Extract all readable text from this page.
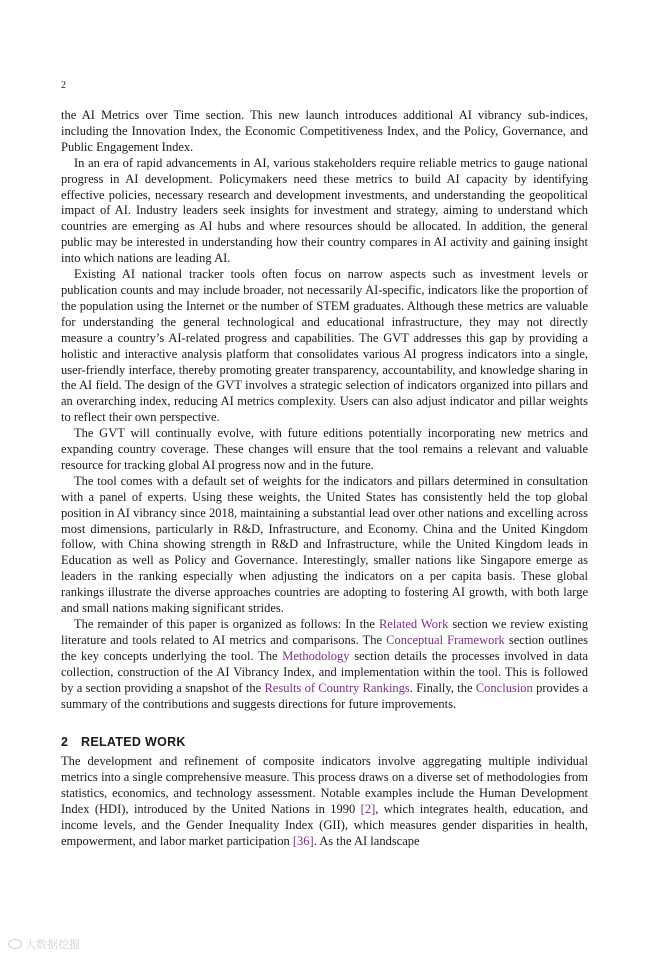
2

the AI Metrics over Time section. This new launch introduces additional AI vibrancy sub-indices, including the Innovation Index, the Economic Competitiveness Index, and the Policy, Governance, and Public Engagement Index.

In an era of rapid advancements in AI, various stakeholders require reliable metrics to gauge national progress in AI development. Policymakers need these metrics to build AI capacity by identifying effective policies, necessary research and development investments, and understanding the geopolitical impact of AI. Industry leaders seek insights for investment and strategy, aiming to understand which countries are emerging as AI hubs and where resources should be allocated. In addition, the general public may be interested in understanding how their country compares in AI activity and gaining insight into which nations are leading AI.

Existing AI national tracker tools often focus on narrow aspects such as investment levels or publication counts and may include broader, not necessarily AI-specific, indicators like the proportion of the population using the Internet or the number of STEM graduates. Although these metrics are valuable for understanding the general technological and educational infrastructure, they may not directly measure a country’s AI-related progress and capabilities. The GVT addresses this gap by providing a holistic and interactive analysis platform that consolidates various AI progress indicators into a single, user-friendly interface, thereby promoting greater transparency, accountability, and knowledge sharing in the AI field. The design of the GVT involves a strategic selection of indicators organized into pillars and an overarching index, reducing AI metrics complexity. Users can also adjust indicator and pillar weights to reflect their own perspective.

The GVT will continually evolve, with future editions potentially incorporating new metrics and expanding country coverage. These changes will ensure that the tool remains a relevant and valuable resource for tracking global AI progress now and in the future.

The tool comes with a default set of weights for the indicators and pillars determined in consultation with a panel of experts. Using these weights, the United States has consistently held the top global position in AI vibrancy since 2018, maintaining a substantial lead over other nations and excelling across most dimensions, particularly in R&D, Infrastructure, and Economy. China and the United Kingdom follow, with China showing strength in R&D and Infrastructure, while the United Kingdom leads in Education as well as Policy and Governance. Interestingly, smaller nations like Singapore emerge as leaders in the ranking especially when adjusting the indicators on a per capita basis. These global rankings illustrate the diverse approaches countries are adopting to fostering AI growth, with both large and small nations making significant strides.

The remainder of this paper is organized as follows: In the Related Work section we review existing literature and tools related to AI metrics and comparisons. The Conceptual Framework section outlines the key concepts underlying the tool. The Methodology section details the processes involved in data collection, construction of the AI Vibrancy Index, and implementation within the tool. This is followed by a section providing a snapshot of the Results of Country Rankings. Finally, the Conclusion provides a summary of the contributions and suggests directions for future improvements.

2 RELATED WORK

The development and refinement of composite indicators involve aggregating multiple individual metrics into a single comprehensive measure. This process draws on a diverse set of methodologies from statistics, economics, and technology assessment. Notable examples include the Human Development Index (HDI), introduced by the United Nations in 1990 [2], which integrates health, education, and income levels, and the Gender Inequality Index (GII), which measures gender disparities in health, empowerment, and labor market participation [36]. As the AI landscape

大数据挖掘
